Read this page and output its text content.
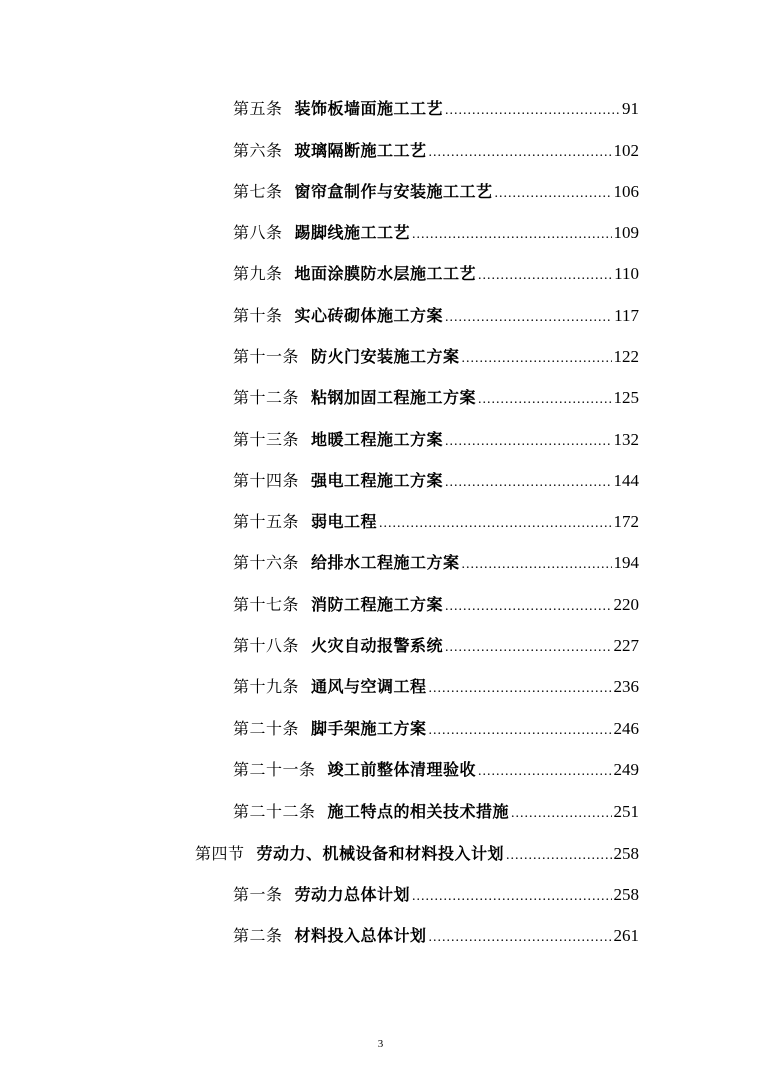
第五条 装饰板墙面施工工艺 .....	91
第六条 玻璃隔断施工工艺 .....	102
第七条 窗帘盒制作与安装施工工艺 .....	106
第八条 踢脚线施工工艺 .....	109
第九条 地面涂膜防水层施工工艺 .....	110
第十条 实心砖砌体施工方案 .....	117
第十一条 防火门安装施工方案 .....	122
第十二条 粘钢加固工程施工方案 .....	125
第十三条 地暖工程施工方案 .....	132
第十四条 强电工程施工方案 .....	144
第十五条 弱电工程 .....	172
第十六条 给排水工程施工方案 .....	194
第十七条 消防工程施工方案 .....	220
第十八条 火灾自动报警系统 .....	227
第十九条 通风与空调工程 .....	236
第二十条 脚手架施工方案 .....	246
第二十一条 竣工前整体清理验收 .....	249
第二十二条 施工特点的相关技术措施 .....	251
第四节 劳动力、机械设备和材料投入计划 .....	258
第一条 劳动力总体计划 .....	258
第二条 材料投入总体计划 .....	261
3
